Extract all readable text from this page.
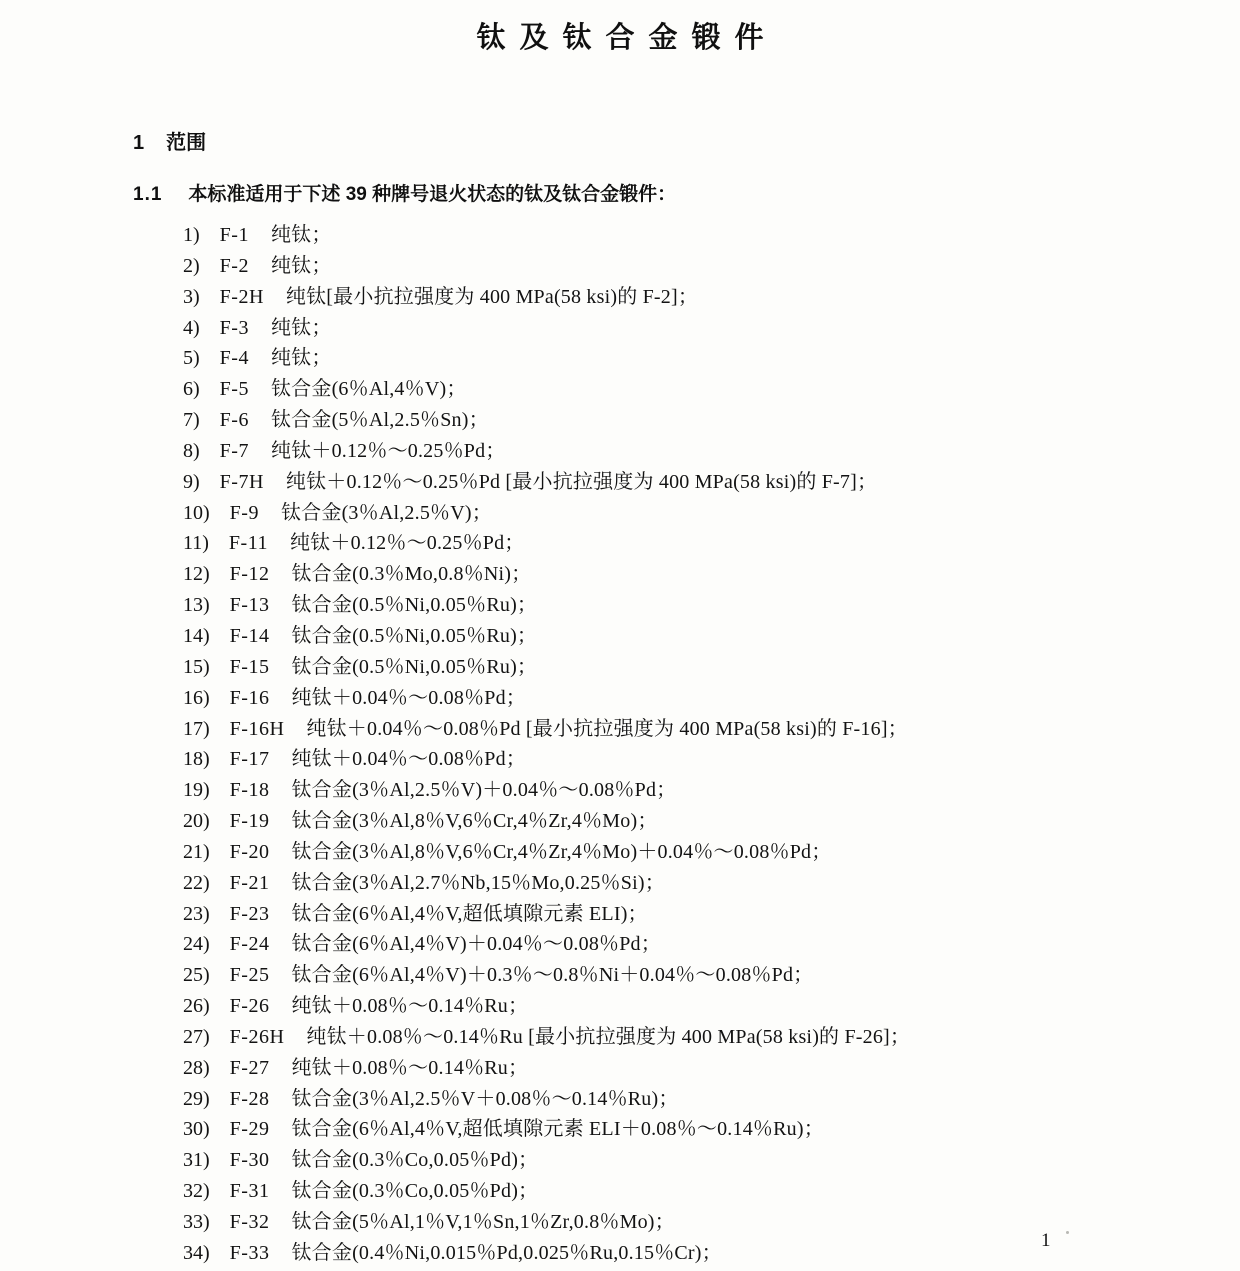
钛及钛合金锻件
1 范围
1.1 本标准适用于下述 39 种牌号退火状态的钛及钛合金锻件：
1) F-1 纯钛；
2) F-2 纯钛；
3) F-2H 纯钛[最小抗拉强度为 400 MPa(58 ksi)的 F-2]；
4) F-3 纯钛；
5) F-4 纯钛；
6) F-5 钛合金(6％Al,4％V)；
7) F-6 钛合金(5％Al,2.5％Sn)；
8) F-7 纯钛＋0.12％～0.25％Pd；
9) F-7H 纯钛＋0.12％～0.25％Pd [最小抗拉强度为 400 MPa(58 ksi)的 F-7]；
10) F-9 钛合金(3％Al,2.5％V)；
11) F-11 纯钛＋0.12％～0.25％Pd；
12) F-12 钛合金(0.3％Mo,0.8％Ni)；
13) F-13 钛合金(0.5％Ni,0.05％Ru)；
14) F-14 钛合金(0.5％Ni,0.05％Ru)；
15) F-15 钛合金(0.5％Ni,0.05％Ru)；
16) F-16 纯钛＋0.04％～0.08％Pd；
17) F-16H 纯钛＋0.04％～0.08％Pd [最小抗拉强度为 400 MPa(58 ksi)的 F-16]；
18) F-17 纯钛＋0.04％～0.08％Pd；
19) F-18 钛合金(3％Al,2.5％V)＋0.04％～0.08％Pd；
20) F-19 钛合金(3％Al,8％V,6％Cr,4％Zr,4％Mo)；
21) F-20 钛合金(3％Al,8％V,6％Cr,4％Zr,4％Mo)＋0.04％～0.08％Pd；
22) F-21 钛合金(3％Al,2.7％Nb,15％Mo,0.25％Si)；
23) F-23 钛合金(6％Al,4％V,超低填隙元素 ELI)；
24) F-24 钛合金(6％Al,4％V)＋0.04％～0.08％Pd；
25) F-25 钛合金(6％Al,4％V)＋0.3％～0.8％Ni＋0.04％～0.08％Pd；
26) F-26 纯钛＋0.08％～0.14％Ru；
27) F-26H 纯钛＋0.08％～0.14％Ru [最小抗拉强度为 400 MPa(58 ksi)的 F-26]；
28) F-27 纯钛＋0.08％～0.14％Ru；
29) F-28 钛合金(3％Al,2.5％V＋0.08％～0.14％Ru)；
30) F-29 钛合金(6％Al,4％V,超低填隙元素 ELI＋0.08％～0.14％Ru)；
31) F-30 钛合金(0.3％Co,0.05％Pd)；
32) F-31 钛合金(0.3％Co,0.05％Pd)；
33) F-32 钛合金(5％Al,1％V,1％Sn,1％Zr,0.8％Mo)；
34) F-33 钛合金(0.4％Ni,0.015％Pd,0.025％Ru,0.15％Cr)；
1
